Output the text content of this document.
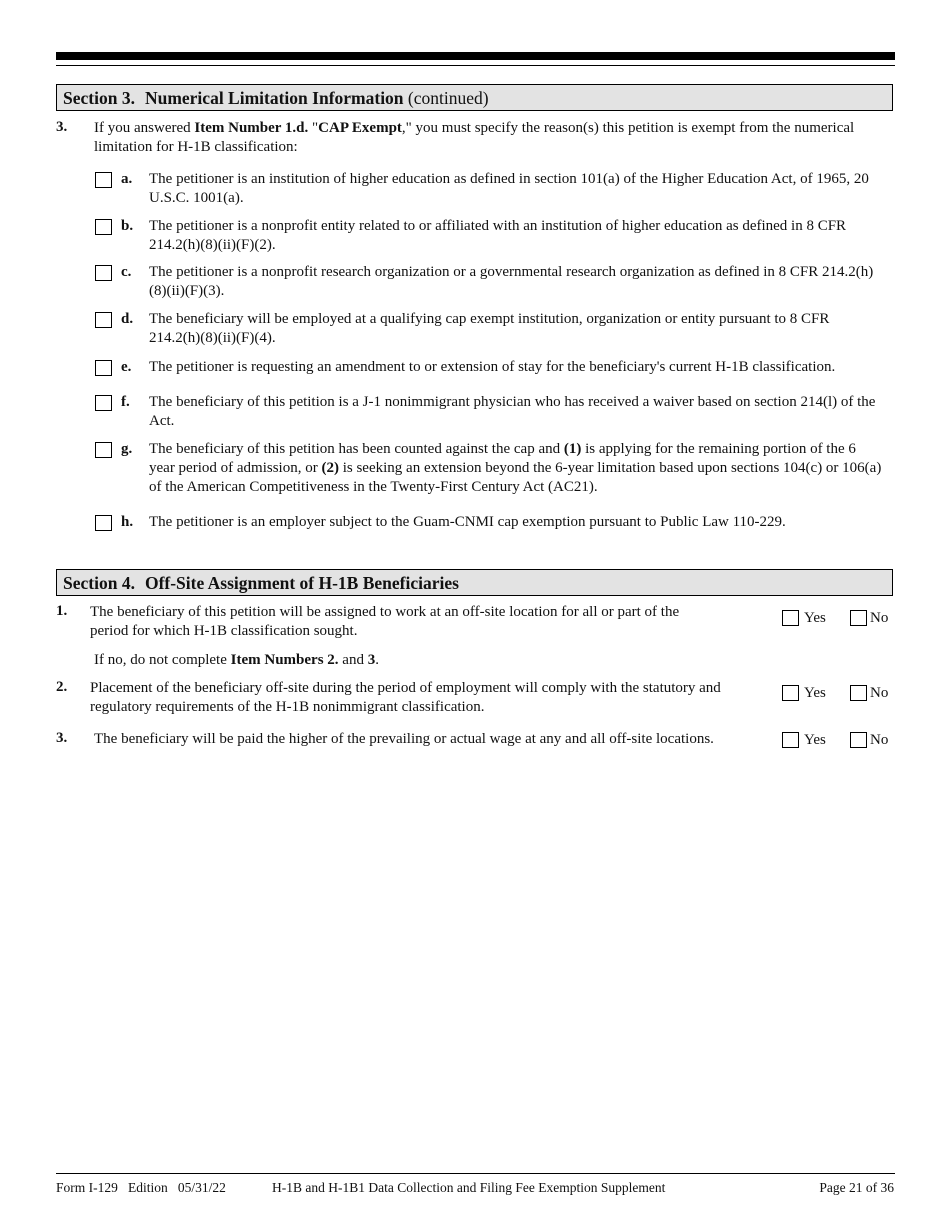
Section 3. Numerical Limitation Information (continued)
3. If you answered Item Number 1.d. "CAP Exempt," you must specify the reason(s) this petition is exempt from the numerical limitation for H-1B classification:
a. The petitioner is an institution of higher education as defined in section 101(a) of the Higher Education Act, of 1965, 20 U.S.C. 1001(a).
b. The petitioner is a nonprofit entity related to or affiliated with an institution of higher education as defined in 8 CFR 214.2(h)(8)(ii)(F)(2).
c. The petitioner is a nonprofit research organization or a governmental research organization as defined in 8 CFR 214.2(h)(8)(ii)(F)(3).
d. The beneficiary will be employed at a qualifying cap exempt institution, organization or entity pursuant to 8 CFR 214.2(h)(8)(ii)(F)(4).
e. The petitioner is requesting an amendment to or extension of stay for the beneficiary's current H-1B classification.
f. The beneficiary of this petition is a J-1 nonimmigrant physician who has received a waiver based on section 214(l) of the Act.
g. The beneficiary of this petition has been counted against the cap and (1) is applying for the remaining portion of the 6 year period of admission, or (2) is seeking an extension beyond the 6-year limitation based upon sections 104(c) or 106(a) of the American Competitiveness in the Twenty-First Century Act (AC21).
h. The petitioner is an employer subject to the Guam-CNMI cap exemption pursuant to Public Law 110-229.
Section 4. Off-Site Assignment of H-1B Beneficiaries
1. The beneficiary of this petition will be assigned to work at an off-site location for all or part of the period for which H-1B classification sought.
Yes	No
If no, do not complete Item Numbers 2. and 3.
2. Placement of the beneficiary off-site during the period of employment will comply with the statutory and regulatory requirements of the H-1B nonimmigrant classification.
Yes	No
3. The beneficiary will be paid the higher of the prevailing or actual wage at any and all off-site locations.	Yes	No
Form I-129   Edition   05/31/22	H-1B and H-1B1 Data Collection and Filing Fee Exemption Supplement	Page 21 of 36
